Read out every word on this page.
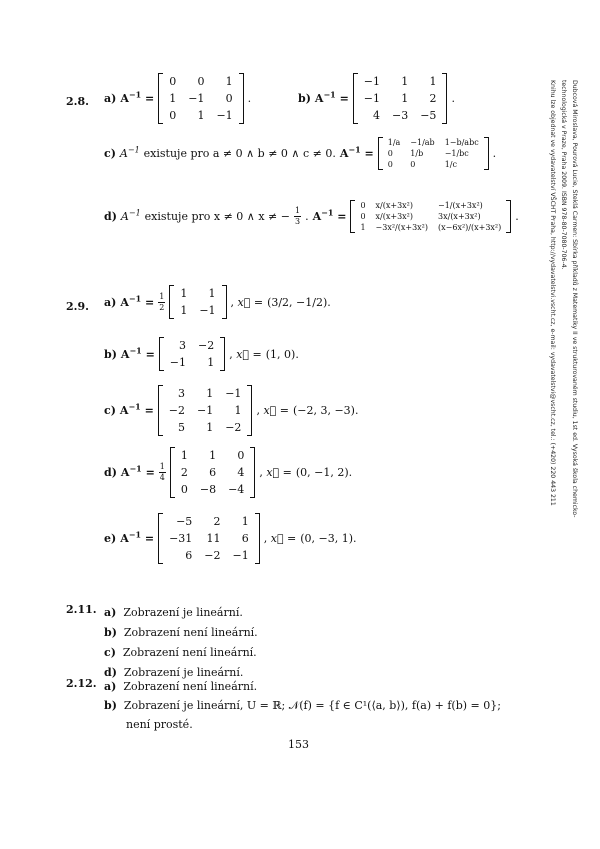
Dubcová Miroslava, Pourová Lucie, Steklá Carmen: Sbírka příkladů z Matematiky II ve strukturovaném studiu, 1st ed. Vysoká škola chemicko-technologická v Praze, Praha 2009. ISBN 978-80-7080-706-4.
Knihu lze objednat ve vydavatelství VŠCHT Praha, http://vydavatelstvi.vscht.cz, e-mail: vydavatelstvi@vscht.cz, tel.: (+420) 220 443 211
2.8. a) $A^{-1}$ =
0	0	1
1	−1	0
0	1	−1
.	b) $A^{-1}$ =
−1	1	1
−1	1	2
4	−3	−5
.
c) $A^{-1}$ existuje pro a ≠ 0 ∧ b ≠ 0 ∧ c ≠ 0. $A^{-1}$ =
1/a	−1/ab	1−b/abc
0	1/b	−1/bc
0	0	1/c
.
d) $A^{-1}$ existuje pro x ≠ 0 ∧ x ≠ − $\frac{1}{3}$ . $A^{-1}$ =
0	x/(x+3x²)	−1/(x+3x²)
0	x/(x+3x²)	3x/(x+3x²)
1	−3x²/(x+3x²)	(x−6x²)/(x+3x²)
.
2.9. a) $A^{-1} = \frac{1}{2} 1$	1
1	−1
, x⃗ = (3/2, −1/2).
b) $A^{-1}$ =
3	−2
−1	1
, x⃗ = (1, 0).
c) $A^{-1}$ =
3	1	−1
−2	−1	1
5	1	−2
, x⃗ = (−2, 3, −3).
d) $A^{-1} = \frac{1}{4}$
1	1	0
2	6	4
0	−8	−4
, x⃗ = (0, −1, 2).
e) $A^{-1}$ =
−5	2	1
−31	11	6
6	−2	−1
, x⃗ = (0, −3, 1).
2.11. a) Zobrazení je lineární.
b) Zobrazení není lineární.
c) Zobrazení není lineární.
d) Zobrazení je lineární.
2.12. a) Zobrazení není lineární.
b) Zobrazení je lineární, U = ℝ; 𝒩(f) = {f ∈ C¹(⟨a, b⟩), f(a) + f(b) = 0};
není prosté.
153
